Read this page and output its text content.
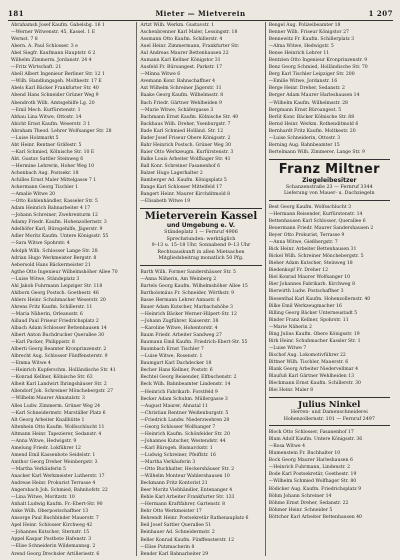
181	Mieter — Mietverein	1 207
Abrahamsh Josef Kaufm. Gabelsbg. 16 1
—Werner Witwenstr. 45, Kassel. 1 E
Wernst. 7 8
Abern. A. Paul Schlosser. 3 e
Abel Siegfr. Kaufmann Hauptstr. 6 2
Wilhelm Zimmerm. Jordanstr. 24 4
—Fritz Wirtschaft. 21
Abell Albert Ingenieur Berliner Str. 12 1
—Wilh. Handlungsgeh. Moltkestr. 17 E
Abels Karl Bäcker Frankfurter Str. 40
Abend Hans Schneider Grüner Weg 9
Abendroth Wilh. Amtsgehilfe Lg. 20
—Emil Mech. Kurfürstenstr. 1
Abhau Lina Witwe, Ottostr. 14
Abicht Ernst Kaufm. Weserstr. 3 1
Abraham Theod. Lehrer Wolfsanger Str. 28
—Luise Holzmarkt 5
Abt Heinr. Rentner Gräfestr. 5
—Karl Schmied, Kölnische Str. 10 E
Abt. Gustav Sattler Steinweg 6
—Hermine Lehrerin, Hoher Weg 10
Achenbach Aug. Postsekr. 18
Achilles Ernst Maler Mittelgasse 7 1
Ackermann Georg Tischler 1
—Amalie Witwe 20
—Otto Kohlenhändler, Kasseler Str. 5
Adam Heinrich Bahnarbeiter 4 17
—Johann Schreiner, Zwehrenturm 12
Adamy Friedr. Kaufm. Hohenzollernstr. 3
Adelhöfer Karl, Bürogehilfe, Jägerstr. 9
Adler Moritz Kaufm. Untere Königsstr. 55
—Sara Witwe Spohrstr. 4
Adolph Wilh. Schlosser Lange Str. 28
Adrian Hugo Werkmeister Bergstr. 8
Aebersold Hans Bäckermeister 21
Agthe Otto Ingenieur Wilhelmshöher Allee 70
—Luise Witwe, Ständeplatz 3
Ahl Jakob Fuhrmann Leipziger Str. 118
Ahlborn Georg Postsch. Goethestr. 46
Ahlers Heinr. Schuhmacher Weserstr. 20
Ahrens Fritz Kaufm. Schillerstr. 11
—Maria Näherin, Orleansstr. 6
Aillaud Paul Friseur Friedrichsplatz 2
Albach Adam Schlosser Bettenhausen 14
Albert Anton Buchdrucker Querallee 30
—Karl Packer, Philippistr. 8
Alberti Georg Beamter Kronprinzenstr. 2
Albrecht Aug. Schlosser Fünffensterstr. 9
—Emma Witwe 4
—Heinrich Kupferschm. Holländische Str. 41
—Konrad Kellner, Kölnische Str. 63
Alheit Karl Landwirt Ihringshäuser Str. 2
Allendorf Joh. Schreiner Mönchebergstr. 27
—Wilhelm Maurer Ahnatalstr. 3
Alles Ludw. Zimmerm. Grüner Weg 24
—Karl Schneidermstr. Marställer Platz 6
Alt Georg Arbeiter Knallhütte 1
Altenhein Otto Kaufm. Wolfsschlucht 11
Altmann Heinr. Tapezierer, Sedanstr. 4
—Anna Witwe, Hedwigstr. 9
Amelung Friedr. Lokführer 12
Amend Emil Kassenbote Seidelstr. 1
Amthor Georg Dreher Weinbergstr. 3
—Martha Verkäuferin 5
Anacker Karl Werkmeister Lutherstr. 17
Andreae Heinr. Prokurist Terrasse 4
Angersbach Joh. Schmied, Bahnhofstr. 22
—Lina Witwe, Moritzstr. 10
Anhalt Ludwig Kaufm. Fr.-Ebert-Str. 90
Anke Wilh. Oberpostschaffner 13
Ansorge Paul Buchbinder Mauerstr. 7
Apel Heinr. Schlosser Kirchweg 42
—Johannes Kutscher, Sternstr. 15
Appel Kaspar Postbote Hafenstr. 3
—Elise Schneiderin Wildemannsg. 2
Arend Georg Drechsler Artilleriestr. 6
Artzt Wilh. Werkm. Gustavstr. 1
Aschenbrenner Karl Maler, Lessingstr. 18
Assmann Otto Kaufm. Schillerstr. 4
Auel Heinr. Zimmermann, Frankfurter Str.
Aul Andreas Maurer Bettenhausen 22
Aumann Karl Kellner Königstor 31
Ausfeld Fr. Büroangest. Parkstr. 17
—Minna Witwe 6
Avemann Konr. Bahnschaffner 4
Axt Wilhelm Schreiner Jägerstr. 11
Baake Georg Kaufm. Wilhelmsstr. 8
Bach Friedr. Gärtner Wehlheiden 9
—Marie Witwe, Schäfergasse 3
Bachmann Ernst Kaufm. Kölnische Str. 40
Backhaus Wilh. Dreher, Ysenburgstr. 7
Bade Karl Schmied Holländ. Str. 12
Bader Josef Friseur Obere Königsstr. 2
Bahr Heinrich Postsch. Grüner Weg 30
Baier Otto Werkzeugm. Kurfürstenstr. 3
Balke Louis Arbeiter Wolfhager Str. 41
Ball Konr. Schreiner Fasanenhof 6
Balzer Hugo Lagerhalter 2
Bamberger Ad. Kaufm. Königsplatz 5
Bange Karl Schlosser Mittelfeld 17
Bangert Heinr. Maurer Kirchditmold 8
—Elisabeth Witwe 19
Mieterverein Kassel
und Umgebung e. V.
Ständeplatz 1 — Fernruf 4906
Sprechstunden: werktäglich
9–13 u. 15–18 Uhr, Sonnabend 9–13 Uhr
Rechtsauskunft in allen Mietsachen
Mitgliedsbeitrag monatlich 50 Pfg.
Barth Wilh. Former Sandershäuser Str. 5
—Anna Näherin, Am Weinberg 2
Bartels Georg Kaufm. Wilhelmshöher Allee 15
Bartholomäus Fr. Schneider, Wörthstr. 9
Basse Hermann Lehrer Annastr. 6
Bauer Adam Kutscher, Marbachshöhe 3
—Heinrich Bäcker Werner-Hilpert-Str. 12
—Johann Zugführer, Kaiserstr. 38
—Karoline Witwe, Hohentorstr. 4
Baum Friedr. Arbeiter Sandweg 27
Baumann Emil Kaufm. Friedrich-Ebert-Str. 55
Baumbach Ernst Tischler 7
—Luise Witwe, Rosenstr. 1
Baumgart Karl Dachdecker 18
Becher Hans Kellner, Poststr. 6
Bechtel Georg Reisender, Elfbuchenstr. 2
Beck Wilh. Bahnbeamter Lindenstr. 14
—Heinrich Fabrikarb. Forstfeld 9
Becker Adam Schuhm. Müllergasse 3
—August Maurer, Ahnatal 11
—Christian Rentner Weißenburgstr. 5
—Friedrich Landw. Niederzwehren 28
—Georg Schlosser Wolfsanger 7
—Heinrich Kaufm. Schönfelder Str. 20
—Johannes Kutscher, Westendstr. 44
—Karl Bürogeh. Bismarckstr. 1
—Ludwig Schreiner, Pfeiffstr. 16
—Martha Verkäuferin 3
—Otto Buchhalter, Heckershäuser Str. 2
—Wilhelm Monteur Wahlershausen 10
Beckmann Fritz Kontorist 21
Beer Moritz Viehhändler, Entenanger 4
Behle Karl Arbeiter Frankfurter Str. 133
—Hermann Kraftfahrer, Gartenstr. 8
Behr Otto Werkmeister 17
Behrendt Heinr. Postsekretär Rathenauplatz 6
Beil Josef Sattler Querallee 51
Beinhauer Ad. Schneidermstr. 2
Beller Konrad Kaufm. Fünffensterstr. 12
—Elise Putzmacherin 8
Bender Karl Bahnarbeiter 29
Bengel Aug. Polizeibeamter 18
Benner Wilh. Friseur Königstor 27
Bennewitz Fr. Kaufm. Schillerplatz 3
—Alma Witwe, Hedwigstr. 5
Bense Heinrich Lehrer 11
Bentzien Otto Ingenieur Kronprinzenstr. 9
Benz Georg Schmied, Holländische Str. 70
Berg Karl Tischler Leipziger Str. 200
—Emilie Witwe, Jordanstr. 16
Berge Heinr. Dreher, Sedanstr. 2
Berger Adam Maurer Harleshausen 14
—Wilhelm Kaufm. Wilhelmsstr. 28
Bergmann Ernst Büroangest. 5
Berlit Konr. Bäcker Kölnische Str. 88
Bernd Heinr. Werkm. Rothenditmold 6
Bernhardt Fritz Kaufm. Moltkestr. 20
—Luise Schneiderin, Ottostr. 3
Berning Aug. Bahnbeamter 15
Bertelmann Wilh. Zimmerer, Lange Str. 9
Franz Miltner
Ziegeleibesitzer
Schanzenstraße 23 — Fernruf 3344
Lieferung von Mauer- u. Dachziegeln
Best Georg Kaufm. Wolfsschlucht 3
—Hermann Reisender, Kurfürstenstr. 14
Bettenhausen Karl Schlosser, Querallee 6
Beuermann Friedr. Maurer Sandershausen 2
Beyer Otto Prokurist, Terrasse 9
—Anna Witwe, Gießbergstr. 7
Bick Heinr. Arbeiter Bettenhausen 31
Bickel Wilh. Schreiner Mönchebergstr. 5
Bieber Adam Kutscher, Steinweg 18
Biedenkopf Fr. Dreher 12
Biel Konrad Maurer Wolfsanger 10
Bier Johannes Fabrikarb. Kirchweg 8
Bierwirth Ludw. Postschaffner 3
Biesenthal Karl Kaufm. Hohenzollernstr. 40
Bilke Emil Werkzeugmacher 16
Billing Georg Bäcker Unterneustadt 5
Binder Franz Kellner, Spohrstr. 11
—Marie Näherin 2
Bing Julius Kaufm. Obere Königsstr. 19
Birk Heinr. Schuhmacher Kassler Str. 1
—Luise Witwe 7
Bischof Aug. Lokomotivführer 22
Bittner Wilh. Tischler, Mauerstr. 6
Blank Georg Arbeiter Niedervellmar 4
Blaufuß Karl Gärtner Wehlheiden 13
Bleckmann Ernst Kaufm. Schillerstr. 30
Blei Heinr. Maler 8
Julius Ninkel
Herren- und Damenschneiderei
Hohenzollernstr. 101 — Fernruf 2497
Block Otto Schlosser, Fasanenhof 17
Blum Adolf Kaufm. Untere Königsstr. 36
—Rosa Witwe 4
Blumenstein Fr. Buchhalter 10
Bock Georg Maurer Harleshausen 6
—Heinrich Fuhrmann, Lindenstr. 2
Bode Karl Postsekretär, Goethestr. 19
—Wilhelm Schmied Wolfhager Str. 80
Bödicker Aug. Kaufm. Friedrichsplatz 9
Böhm Johann Schreiner 14
Böhme Ernst Dreher, Sedanstr. 22
Böhmer Heinr. Schneider 5
Böttcher Karl Arbeiter Bettenhausen 40
